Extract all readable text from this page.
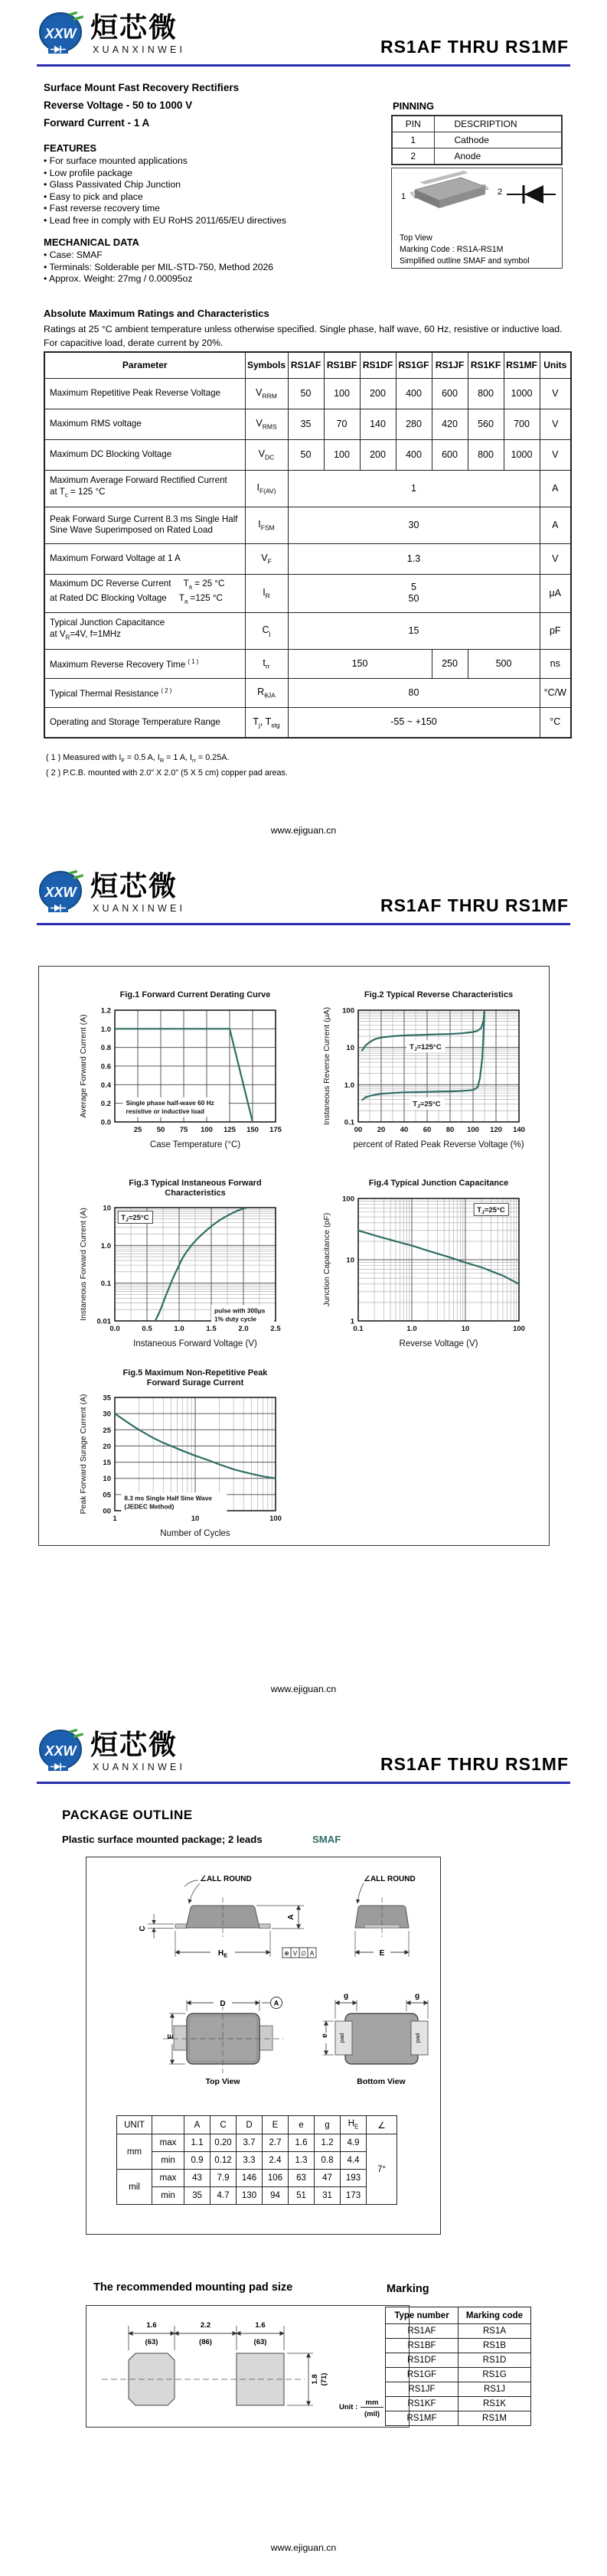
XXW 烜芯微
XUANXINWEI	RS1AF THRU RS1MF
Surface Mount Fast Recovery Rectifiers
Reverse Voltage - 50 to 1000 V
Forward Current - 1 A
FEATURES
• For surface mounted applications
• Low profile package
• Glass Passivated Chip Junction
• Easy to pick and place
• Fast reverse recovery time
• Lead free in comply with EU RoHS 2011/65/EU directives
MECHANICAL DATA
• Case: SMAF
• Terminals: Solderable per MIL-STD-750, Method 2026
• Approx. Weight: 27mg / 0.00095oz
PINNING
PIN	DESCRIPTION
1	Cathode
2	Anode
1	2
Top View
Marking Code : RS1A-RS1M
Simplified outline SMAF and symbol
Absolute Maximum Ratings and Characteristics
Ratings at 25 °C ambient temperature unless otherwise specified. Single phase, half wave, 60 Hz, resistive or inductive load.
For capacitive load, derate current by 20%.
Parameter	Symbols	RS1AF	RS1BF	RS1DF	RS1GF	RS1JF	RS1KF	RS1MF	Units
Maximum Repetitive Peak Reverse Voltage	$V_{RRM}$	50	100	200	400	600	800	1000	V
Maximum RMS voltage	$V_{RMS}$	35	70	140	280	420	560	700	V
Maximum DC Blocking Voltage	$V_{DC}$	50	100	200	400	600	800	1000	V
Maximum Average Forward Rectified Current
at $T_c = 125$ °C	$I_{F(AV)}$	1							A
Peak Forward Surge Current 8.3 ms Single Half
Sine Wave Superimposed on Rated Load	$I_{FSM}$	30							A
Maximum Forward Voltage at 1 A	$V_F$	1.3							V
Maximum DC Reverse Current     $T_a = 25$ °C
at Rated DC Blocking Voltage     $T_a =125$ °C	$I_R$	5
50							μA
Typical Junction Capacitance
at $V_R=4V$, f=1MHz	$C_j$	15							pF
Maximum Reverse Recovery Time $^{( 1 )}$	$t_{rr}$	150				250	500		ns
Typical Thermal Resistance $^{( 2 )}$	$R_{\theta JA}$	80							°C/W
Operating and Storage Temperature Range	$T_j$, $T_{stg}$	-55 ~ +150							°C
( 1 ) Measured with $I_F = 0.5$ A, $I_R = 1$ A, $I_{rr} = 0.25A$.
( 2 ) P.C.B. mounted with 2.0" X 2.0" (5 X 5 cm) copper pad areas.
www.ejiguan.cn
XXW 烜芯微
XUANXINWEI	RS1AF THRU RS1MF
25 50 75 100 125 150 175
0.0
0.2
0.4
0.6
0.8
1.0
1.2
Fig.1 Forward Current Derating Curve
Case Temperature (°C)
Average Forward Current (A)	Single phase half-wave 60 Hz
resistive or inductive load
00 20 40 60 80 100 120 140
0.1
1.0
10
100
Fig.2 Typical Reverse Characteristics
percent of Rated Peak Reverse Voltage (%)
Instaneous Reverse Current (μA)	$T_J=125^\circ C$
$T_J=25^\circ C$
0.0	0.5	1.0	1.5	2.0	2.5
0.01
0.1
1.0
10
Fig.3 Typical Instaneous Forward
Characteristics
Instaneous Forward Voltage (V)
Instaneous Forward Current (A)	$T_J=25^\circ C$
pulse with 300μs
1% duty cycle
0.1	1.0	10	100
1
10
100
Fig.4 Typical Junction Capacitance
Reverse Voltage (V)
Junction Capacitance (pF)
$T_J=25^\circ C$
1	10	100
00
05
10
15
20
25
30
35
Fig.5 Maximum Non-Repetitive Peak
Forward Surage Current
Number of Cycles
Peak Forward Surage Current (A)	8.3 ms Single Half Sine Wave
(JEDEC Method)
www.ejiguan.cn
XXW 烜芯微
XUANXINWEI	RS1AF THRU RS1MF
PACKAGE OUTLINE
Plastic surface mounted package; 2 leads	SMAF
∠ALL ROUND
C
$H_E$	⊕ V ∅ A
A
∠ALL ROUND
E
D	A
E
Top View
pad	pad
g	g
e
Bottom View
UNIT		A	C	D	E	e	g	$H_E$	∠
mm	max	1.1	0.20	3.7	2.7	1.6	1.2	4.9	7°
	min	0.9	0.12	3.3	2.4	1.3	0.8	4.4	
mil	max	43	7.9	146	106	63	47	193	
	min	35	4.7	130	94	51	31	173	
The recommended mounting pad size
1.6
(63)
2.2
(86)
1.6
(63)
1.8 (71)
Unit :
mm
(mil)
Marking
Type number	Marking code
RS1AF	RS1A
RS1BF	RS1B
RS1DF	RS1D
RS1GF	RS1G
RS1JF	RS1J
RS1KF	RS1K
RS1MF	RS1M
www.ejiguan.cn
